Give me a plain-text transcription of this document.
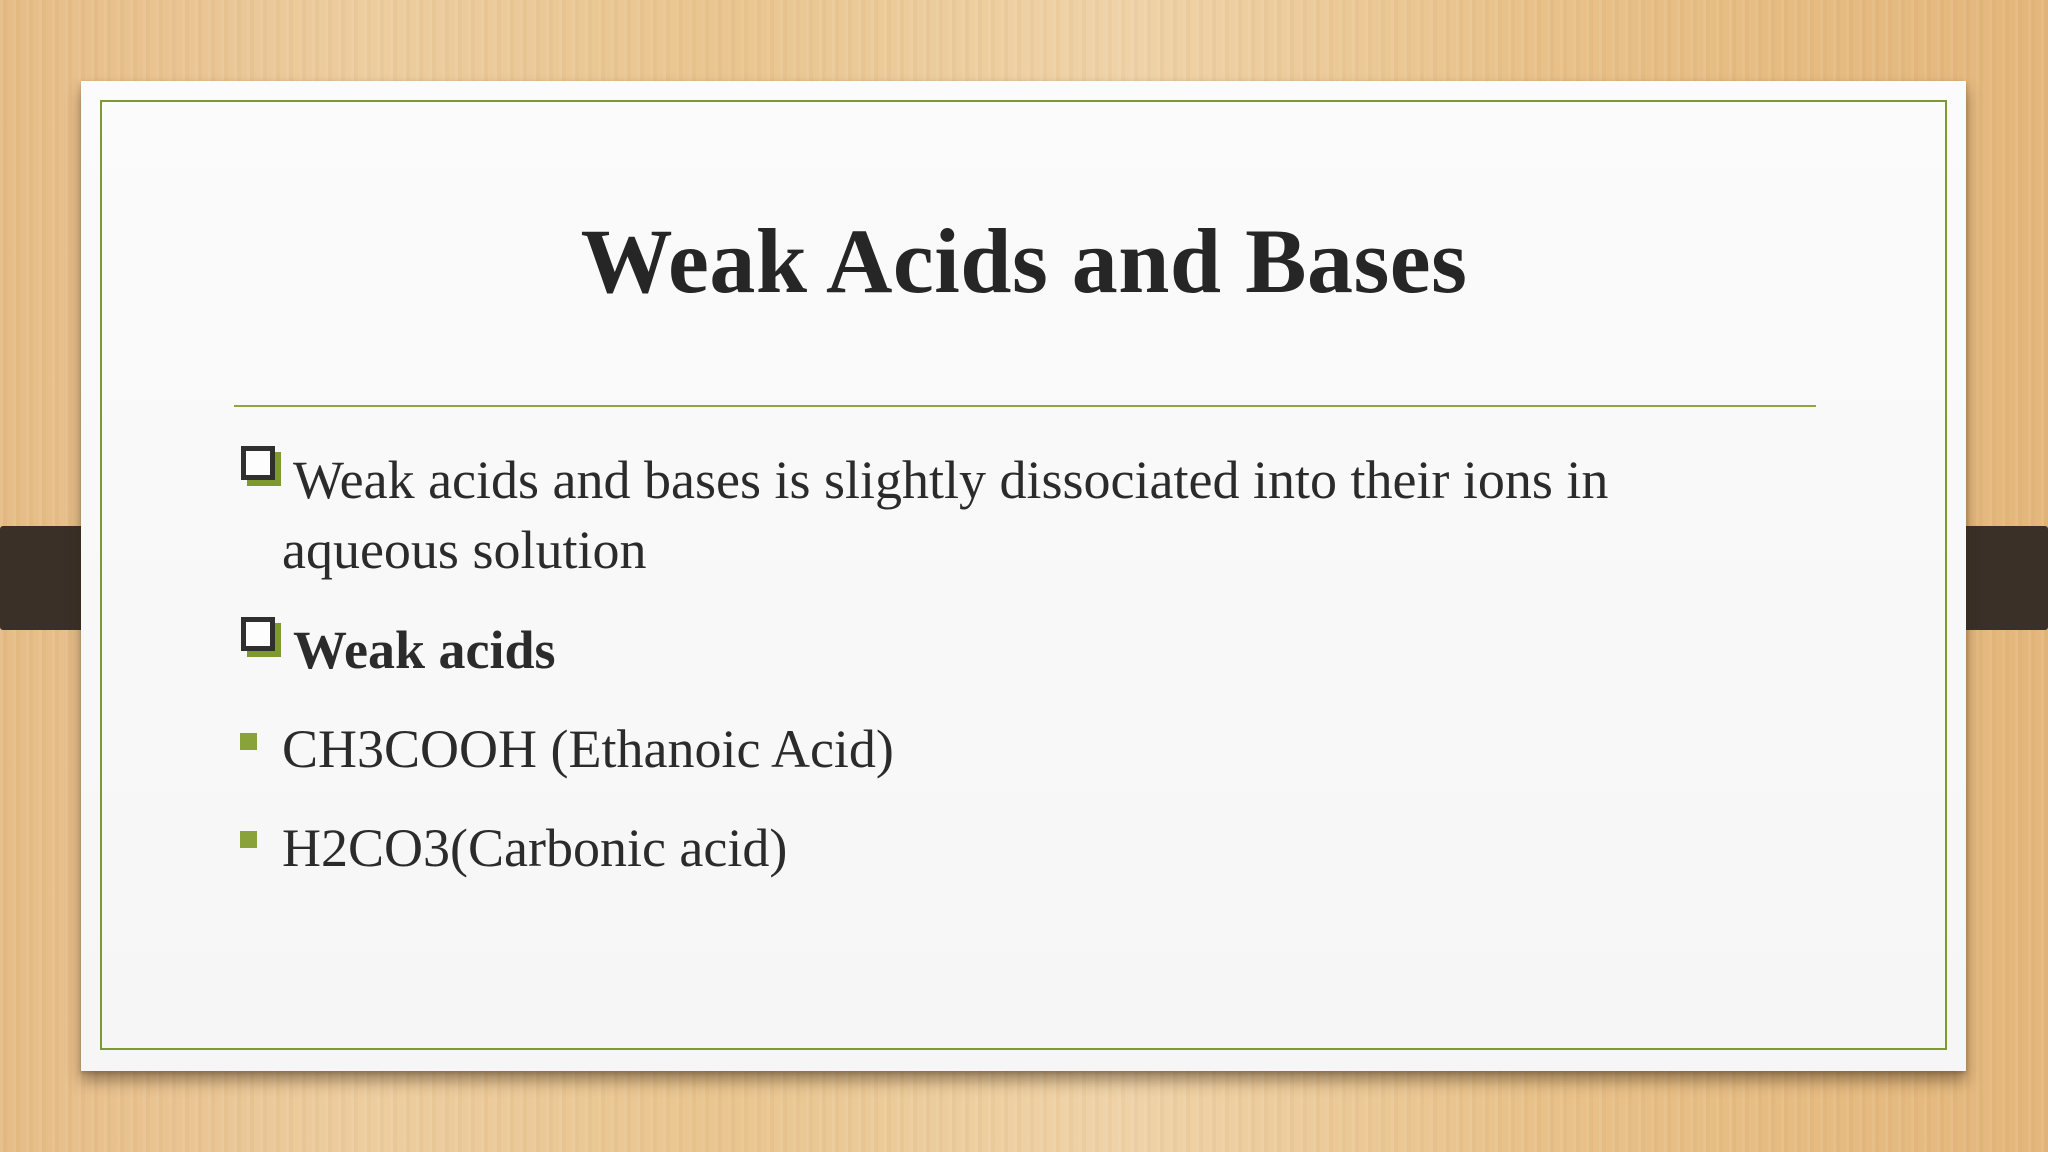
Weak Acids and Bases
Weak acids and bases is slightly dissociated into their ions in
aqueous solution
Weak acids
CH3COOH (Ethanoic Acid)
H2CO3(Carbonic acid)
